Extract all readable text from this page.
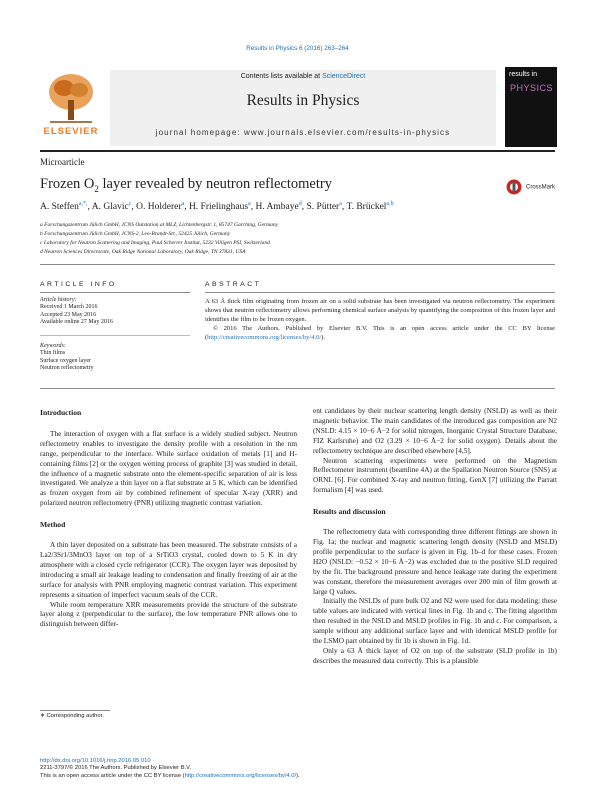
Results in Physics 6 (2016) 263–264
ELSEVIER
Contents lists available at ScienceDirect
Results in Physics
journal homepage: www.journals.elsevier.com/results-in-physics
results in
PHYSICS
Microarticle
Frozen $O_2$ layer revealed by neutron reflectometry	CrossMark
A. Steffen$^{a,*,}$, A. Glavic$^c$, O. Holderer$^a$, H. Frielinghaus$^a$, H. Ambaye$^d$, S. Pütter$^a$, T. Brückel$^{a,b}$
a Forschungszentrum Jülich GmbH, JCNS Outstation at MLZ, Lichtenbergstr. 1, 85747 Garching, Germany
b Forschungszentrum Jülich GmbH, JCNS-2, Leo-Brandt-Str., 52425 Jülich, Germany
c Laboratory for Neutron Scattering and Imaging, Paul Scherrer Institut, 5232 Villigen PSI, Switzerland
d Neutron Sciences Directorate, Oak Ridge National Laboratory, Oak Ridge, TN 37831, USA
ARTICLE INFO	ABSTRACT
Article history:
Received 1 March 2016
Accepted 23 May 2016
Available online 27 May 2016
Keywords:
Thin films
Surface oxygen layer
Neutron reflectometry
A 63 Å thick film originating from frozen air on a solid substrate has been investigated via neutron reflectometry. The experiment shows that neutron reflectometry allows performing chemical surface analysis by quantifying the composition of this frozen layer and identifies the film to be frozen oxygen.
© 2016 The Authors. Published by Elsevier B.V. This is an open access article under the CC BY license (http://creativecommons.org/licenses/by/4.0/).
Introduction

The interaction of oxygen with a flat surface is a widely studied subject. Neutron reflectometry enables to investigate the density profile with a resolution in the nm range, perpendicular to the interface. While surface oxidation of metals [1] and H-containing films [2] or the oxygen wetting process of graphite [3] was studied in detail, the influence of a magnetic substrate onto the element-specific separation of air is less investigated. We analyze a thin layer on a flat substrate at 5 K, which can be identified as frozen oxygen from air by combined refinement of specular X-ray (XRR) and polarized neutron reflectometry (PNR) utilizing magnetic contrast variation.

Method

A thin layer deposited on a substrate has been measured. The substrate consists of a La2/3Sr1/3MnO3 layer on top of a SrTiO3 crystal, cooled down to 5 K in dry atmosphere with a closed cycle refrigerator (CCR). The oxygen layer was deposited by introducing a small air leakage leading to condensation and finally freezing of air at the surface for analysis with PNR employing magnetic contrast variation. This experiment represents a situation of imperfect vacuum seals of the CCR.

While room temperature XRR measurements provide the structure of the substrate layer along z (perpendicular to the surface), the low temperature PNR allows one to distinguish between differ-

ent candidates by their nuclear scattering length density (NSLD) as well as their magnetic behavior. The main candidates of the introduced gas composition are N2 (NSLD: 4.15 × 10−6 Å−2 for solid nitrogen, Inorganic Crystal Structure Database, FIZ Karlsruhe) and O2 (3.29 × 10−6 Å−2 for solid oxygen). Details about the reflectometry technique are described elsewhere [4,5].

Neutron scattering experiments were performed on the Magnetism Reflectometer instrument (beamline 4A) at the Spallation Neutron Source (SNS) at ORNL [6]. For combined X-ray and neutron fitting, GenX [7] utilizing the Parratt formalism [4] was used.

Results and discussion

The reflectometry data with corresponding three different fittings are shown in Fig. 1a; the nuclear and magnetic scattering length density (NSLD and MSLD) profile perpendicular to the surface is given in Fig. 1b–d for these cases. Frozen H2O (NSLD: −0.52 × 10−6 Å−2) was excluded due to the positive SLD required by the fit. The background pressure and hence leakage rate during the experiment was constant, therefore the measurement averages over 200 min of film growth at large Q values.

Initially the NSLDs of pure bulk O2 and N2 were used for data modeling; these table values are indicated with vertical lines in Fig. 1b and c. The fitting algorithm then resulted in the NSLD and MSLD profiles in Fig. 1b and c. For comparison, a sample without any additional surface layer and with identical MSLD profile for the LSMO part obtained by fit 1b is shown in Fig. 1d.

Only a 63 Å thick layer of O2 on top of the substrate (SLD profile in 1b) describes the measured data correctly. This is a plausible

∗ Corresponding author.
http://dx.doi.org/10.1016/j.rinp.2016.05.010
2211-3797/© 2016 The Authors. Published by Elsevier B.V.
This is an open access article under the CC BY license (http://creativecommons.org/licenses/by/4.0/).
